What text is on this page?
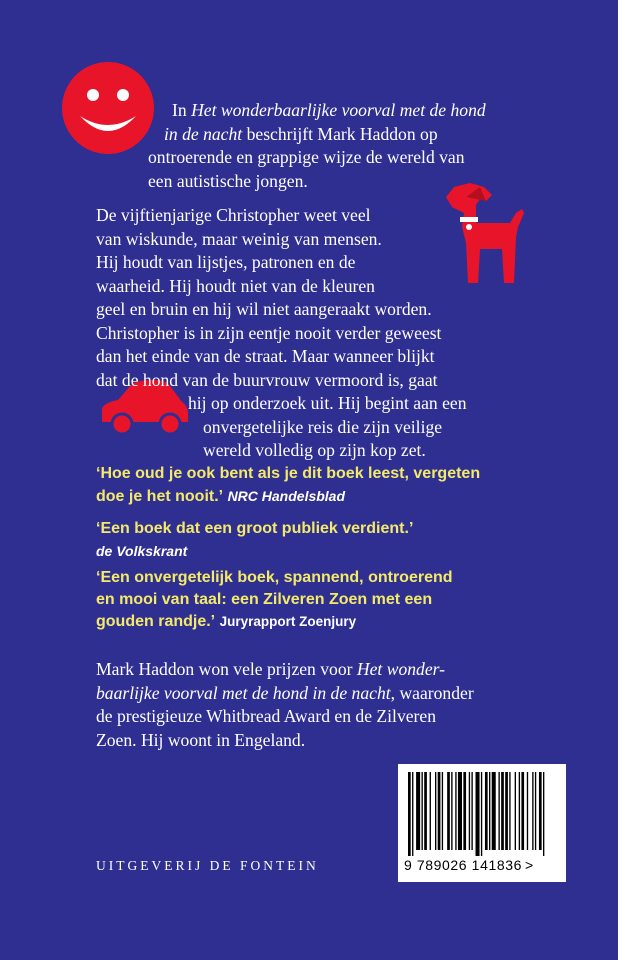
In Het wonderbaarlijke voorval met de hond
in de nacht beschrijft Mark Haddon op
ontroerende en grappige wijze de wereld van
een autistische jongen.

De vijftienjarige Christopher weet veel
van wiskunde, maar weinig van mensen.
Hij houdt van lijstjes, patronen en de
waarheid. Hij houdt niet van de kleuren
geel en bruin en hij wil niet aangeraakt worden.
Christopher is in zijn eentje nooit verder geweest
dan het einde van de straat. Maar wanneer blijkt
dat de hond van de buurvrouw vermoord is, gaat
hij op onderzoek uit. Hij begint aan een
onvergetelijke reis die zijn veilige
wereld volledig op zijn kop zet.

‘Hoe oud je ook bent als je dit boek leest, vergeten

doe je het nooit.’ NRC Handelsblad

‘Een boek dat een groot publiek verdient.’

de Volkskrant

‘Een onvergetelijk boek, spannend, ontroerend

en mooi van taal: een Zilveren Zoen met een

gouden randje.’ Juryrapport Zoenjury

Mark Haddon won vele prijzen voor Het wonder-
baarlijke voorval met de hond in de nacht, waaronder
de prestigieuze Whitbread Award en de Zilveren
Zoen. Hij woont in Engeland.

UITGEVERIJ DE FONTEIN	9 789026 141836 >
